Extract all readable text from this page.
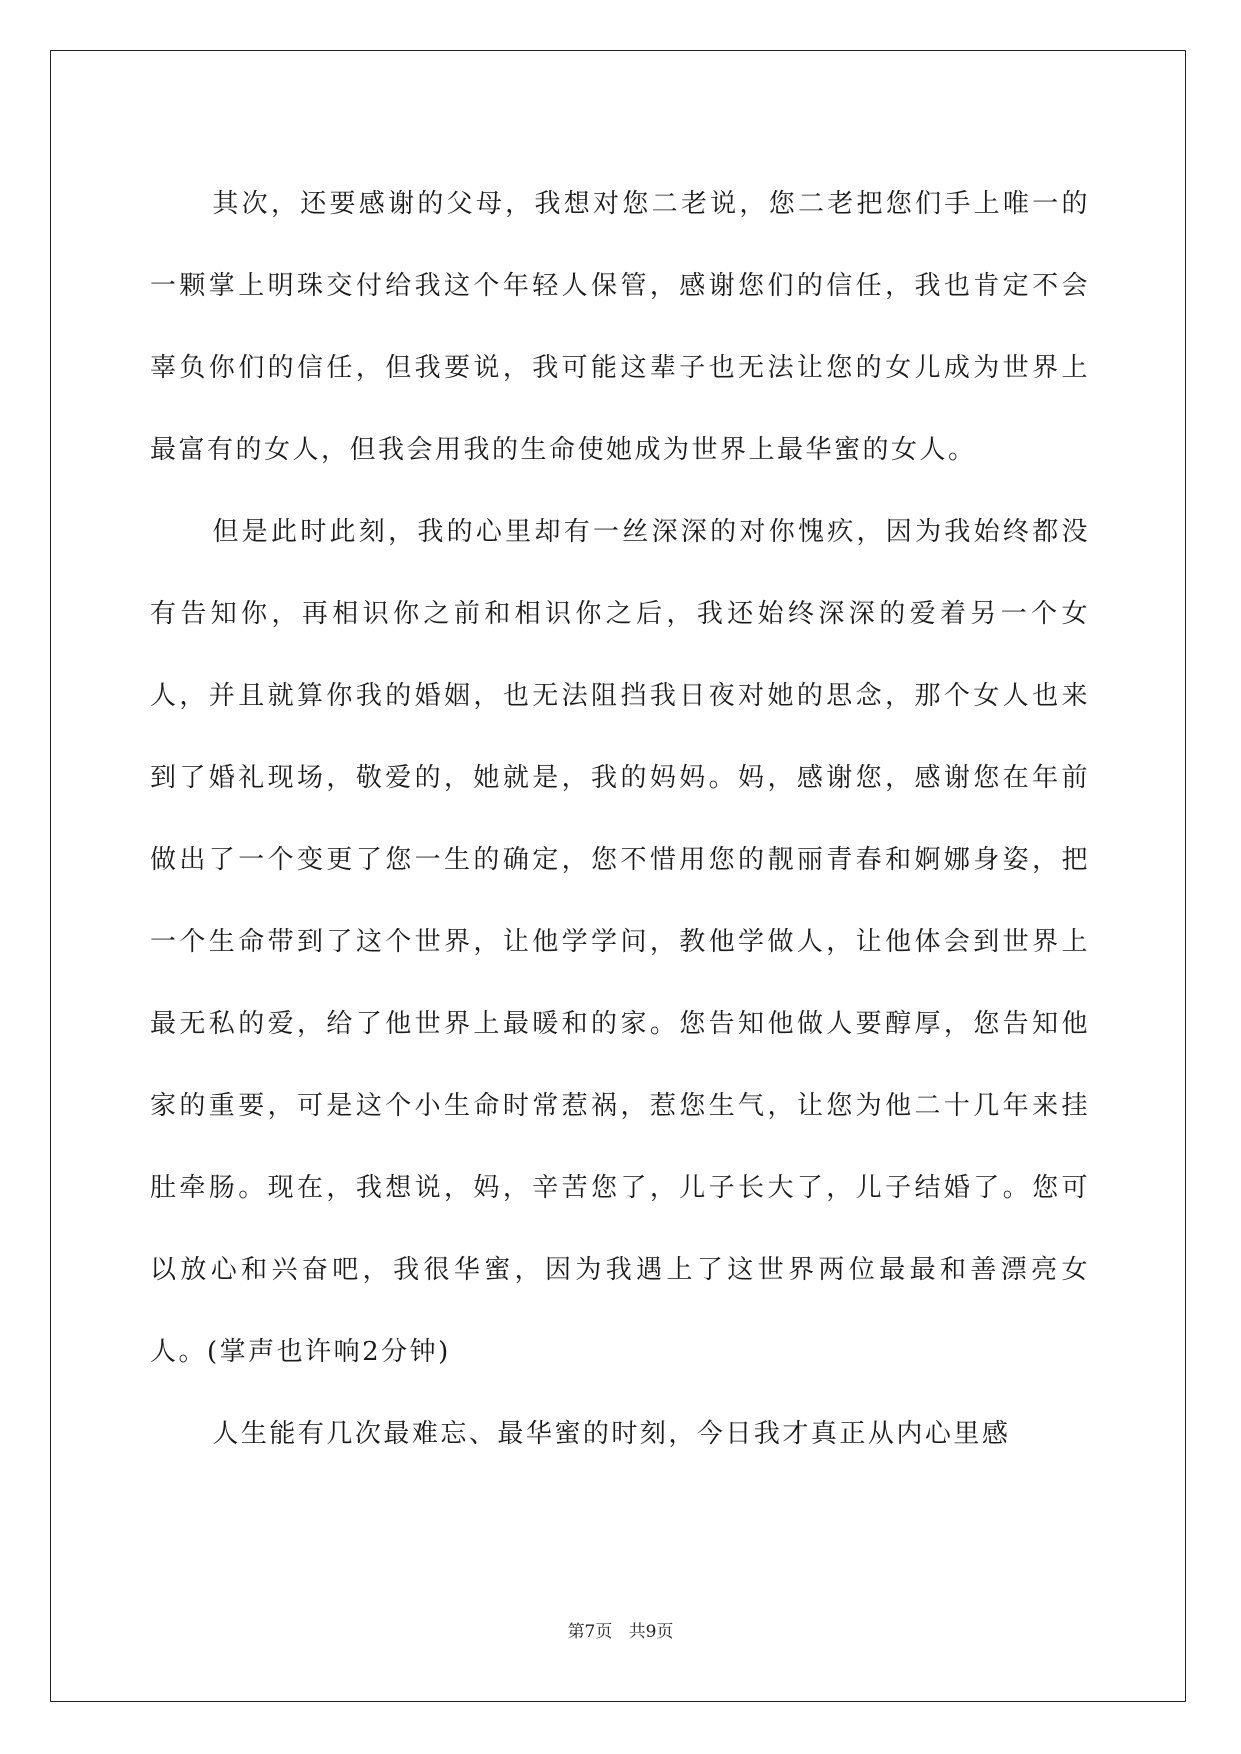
其次，还要感谢的父母，我想对您二老说，您二老把您们手上唯一的一颗掌上明珠交付给我这个年轻人保管，感谢您们的信任，我也肯定不会辜负你们的信任，但我要说，我可能这辈子也无法让您的女儿成为世界上最富有的女人，但我会用我的生命使她成为世界上最华蜜的女人。

但是此时此刻，我的心里却有一丝深深的对你愧疚，因为我始终都没有告知你，再相识你之前和相识你之后，我还始终深深的爱着另一个女人，并且就算你我的婚姻，也无法阻挡我日夜对她的思念，那个女人也来到了婚礼现场，敬爱的，她就是，我的妈妈。妈，感谢您，感谢您在年前做出了一个变更了您一生的确定，您不惜用您的靓丽青春和婀娜身姿，把一个生命带到了这个世界，让他学学问，教他学做人，让他体会到世界上最无私的爱，给了他世界上最暖和的家。您告知他做人要醇厚，您告知他家的重要，可是这个小生命时常惹祸，惹您生气，让您为他二十几年来挂肚牵肠。现在，我想说，妈，辛苦您了，儿子长大了，儿子结婚了。您可以放心和兴奋吧，我很华蜜，因为我遇上了这世界两位最最和善漂亮女人。(掌声也许响2分钟)

人生能有几次最难忘、最华蜜的时刻，今日我才真正从内心里感

第7页 共9页
